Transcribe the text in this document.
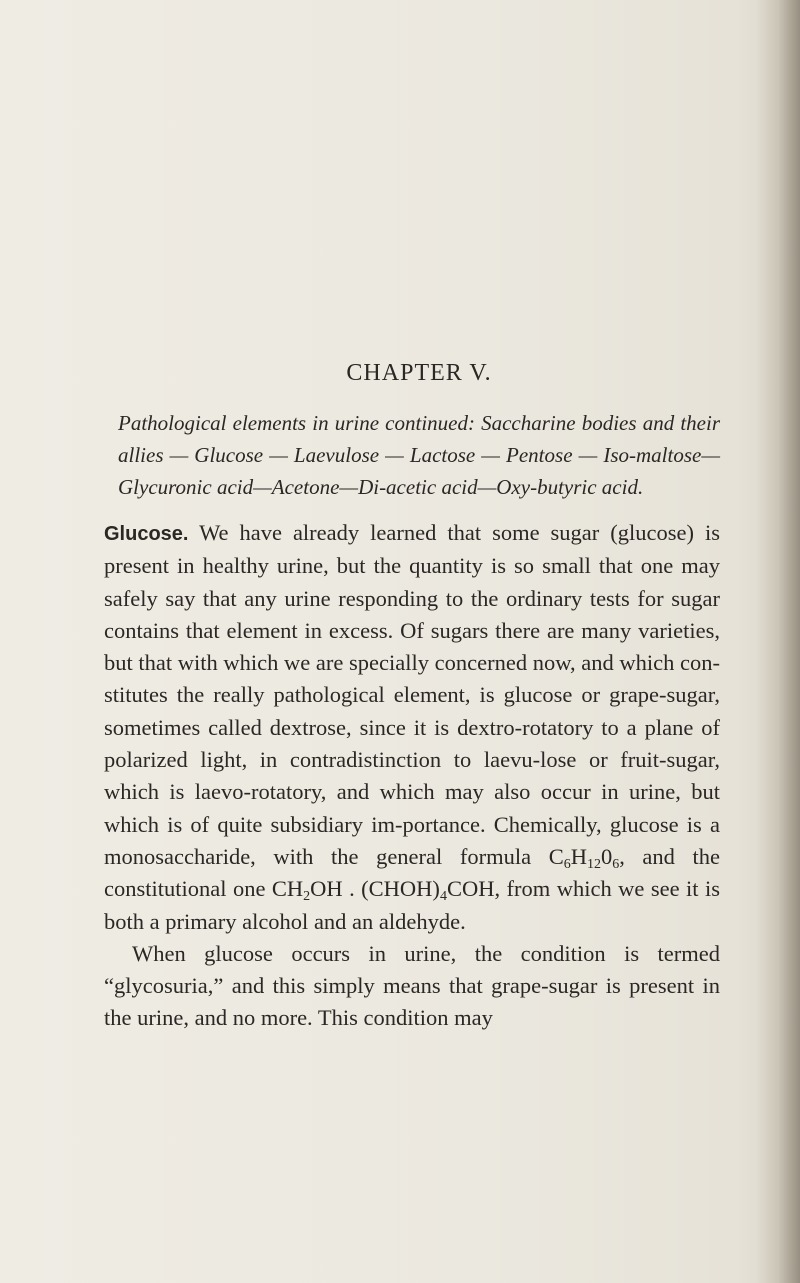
CHAPTER V.

Pathological elements in urine continued: Saccharine bodies and their allies — Glucose — Laevulose — Lactose — Pentose — Iso-maltose—Glycuronic acid—Acetone—Di-acetic acid—Oxy-butyric acid.

Glucose. We have already learned that some sugar (glucose) is present in healthy urine, but the quantity is so small that one may safely say that any urine responding to the ordinary tests for sugar contains that element in excess. Of sugars there are many varieties, but that with which we are specially concerned now, and which con-stitutes the really pathological element, is glucose or grape-sugar, sometimes called dextrose, since it is dextro-rotatory to a plane of polarized light, in contradistinction to laevu-lose or fruit-sugar, which is laevo-rotatory, and which may also occur in urine, but which is of quite subsidiary im-portance. Chemically, glucose is a monosaccharide, with the general formula $C_6H_{12}0_6$, and the constitutional one $CH_2OH$ . $(CHOH)_4COH$, from which we see it is both a primary alcohol and an aldehyde.

When glucose occurs in urine, the condition is termed “glycosuria,” and this simply means that grape-sugar is present in the urine, and no more. This condition may
